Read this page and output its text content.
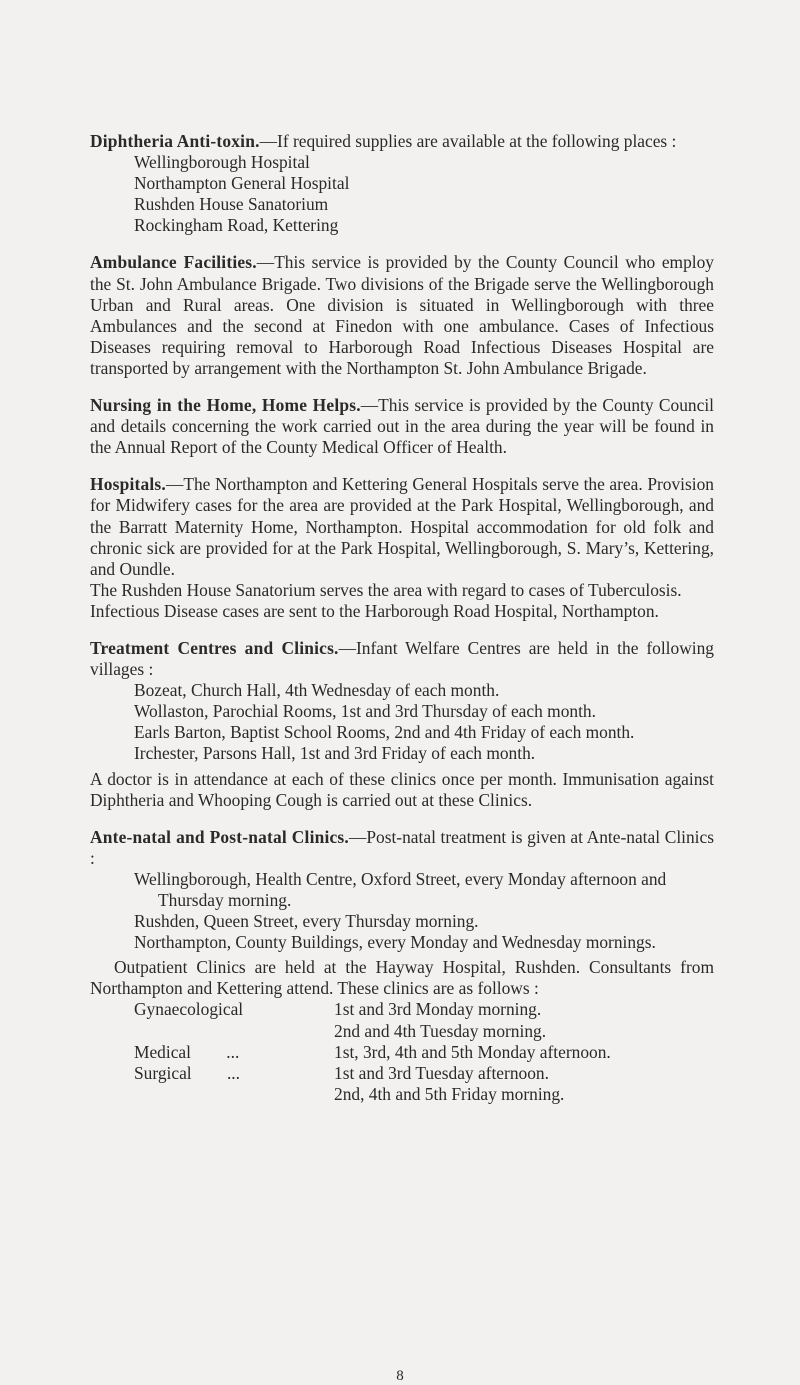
Diphtheria Anti-toxin.—If required supplies are available at the following places :

Wellingborough Hospital
Northampton General Hospital
Rushden House Sanatorium
Rockingham Road, Kettering

Ambulance Facilities.—This service is provided by the County Council who employ the St. John Ambulance Brigade. Two divisions of the Brigade serve the Wellingborough Urban and Rural areas. One division is situated in Wellingborough with three Ambulances and the second at Finedon with one ambulance. Cases of Infectious Diseases requiring removal to Harborough Road Infectious Diseases Hospital are transported by arrangement with the Northampton St. John Ambulance Brigade.

Nursing in the Home, Home Helps.—This service is provided by the County Council and details concerning the work carried out in the area during the year will be found in the Annual Report of the County Medical Officer of Health.

Hospitals.—The Northampton and Kettering General Hospitals serve the area. Provision for Midwifery cases for the area are provided at the Park Hospital, Wellingborough, and the Barratt Maternity Home, Northampton. Hospital accommodation for old folk and chronic sick are provided for at the Park Hospital, Wellingborough, S. Mary’s, Kettering, and Oundle.

The Rushden House Sanatorium serves the area with regard to cases of Tuberculosis.

Infectious Disease cases are sent to the Harborough Road Hospital, Northampton.

Treatment Centres and Clinics.—Infant Welfare Centres are held in the following villages :

Bozeat, Church Hall, 4th Wednesday of each month.
Wollaston, Parochial Rooms, 1st and 3rd Thursday of each month.
Earls Barton, Baptist School Rooms, 2nd and 4th Friday of each month.
Irchester, Parsons Hall, 1st and 3rd Friday of each month.

A doctor is in attendance at each of these clinics once per month. Immunisation against Diphtheria and Whooping Cough is carried out at these Clinics.

Ante-natal and Post-natal Clinics.—Post-natal treatment is given at Ante-natal Clinics :

Wellingborough, Health Centre, Oxford Street, every Monday afternoon and Thursday morning.
Rushden, Queen Street, every Thursday morning.
Northampton, County Buildings, every Monday and Wednesday mornings.

Outpatient Clinics are held at the Hayway Hospital, Rushden. Consultants from Northampton and Kettering attend. These clinics are as follows :

Gynaecological	1st and 3rd Monday morning.
	2nd and 4th Tuesday morning.
Medical ...	1st, 3rd, 4th and 5th Monday afternoon.
Surgical ...	1st and 3rd Tuesday afternoon.
	2nd, 4th and 5th Friday morning.
8
